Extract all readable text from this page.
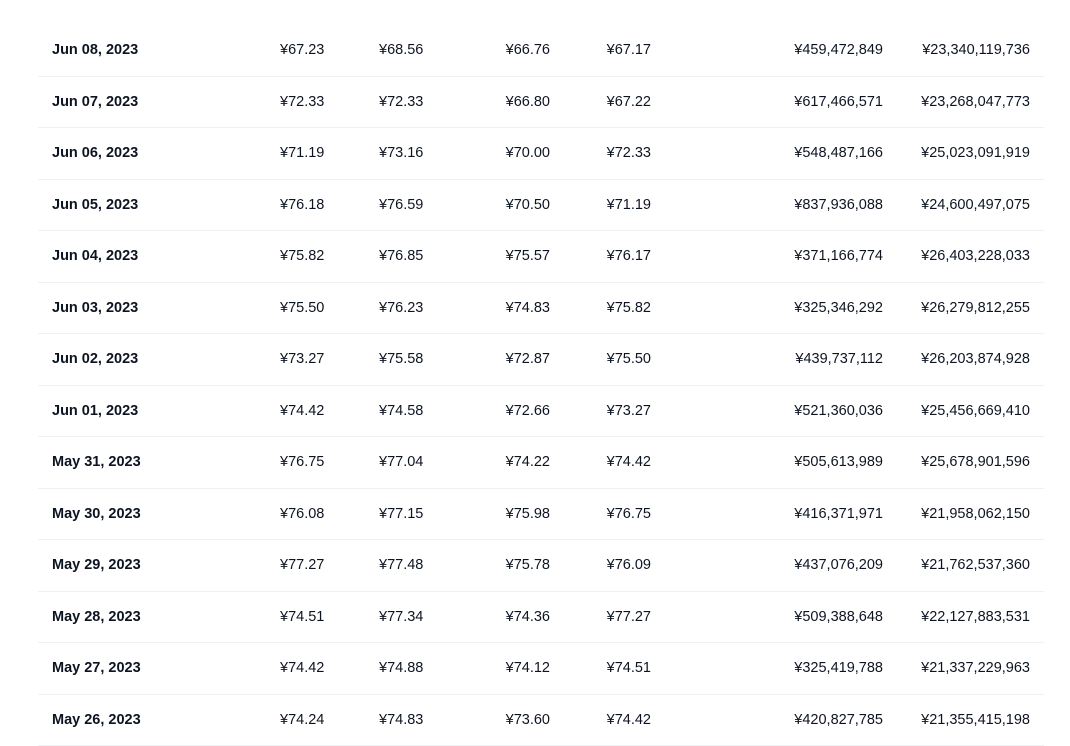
Jun 08, 2023	¥67.23	¥68.56	¥66.76	¥67.17	¥459,472,849	¥23,340,119,736
Jun 07, 2023	¥72.33	¥72.33	¥66.80	¥67.22	¥617,466,571	¥23,268,047,773
Jun 06, 2023	¥71.19	¥73.16	¥70.00	¥72.33	¥548,487,166	¥25,023,091,919
Jun 05, 2023	¥76.18	¥76.59	¥70.50	¥71.19	¥837,936,088	¥24,600,497,075
Jun 04, 2023	¥75.82	¥76.85	¥75.57	¥76.17	¥371,166,774	¥26,403,228,033
Jun 03, 2023	¥75.50	¥76.23	¥74.83	¥75.82	¥325,346,292	¥26,279,812,255
Jun 02, 2023	¥73.27	¥75.58	¥72.87	¥75.50	¥439,737,112	¥26,203,874,928
Jun 01, 2023	¥74.42	¥74.58	¥72.66	¥73.27	¥521,360,036	¥25,456,669,410
May 31, 2023	¥76.75	¥77.04	¥74.22	¥74.42	¥505,613,989	¥25,678,901,596
May 30, 2023	¥76.08	¥77.15	¥75.98	¥76.75	¥416,371,971	¥21,958,062,150
May 29, 2023	¥77.27	¥77.48	¥75.78	¥76.09	¥437,076,209	¥21,762,537,360
May 28, 2023	¥74.51	¥77.34	¥74.36	¥77.27	¥509,388,648	¥22,127,883,531
May 27, 2023	¥74.42	¥74.88	¥74.12	¥74.51	¥325,419,788	¥21,337,229,963
May 26, 2023	¥74.24	¥74.83	¥73.60	¥74.42	¥420,827,785	¥21,355,415,198
